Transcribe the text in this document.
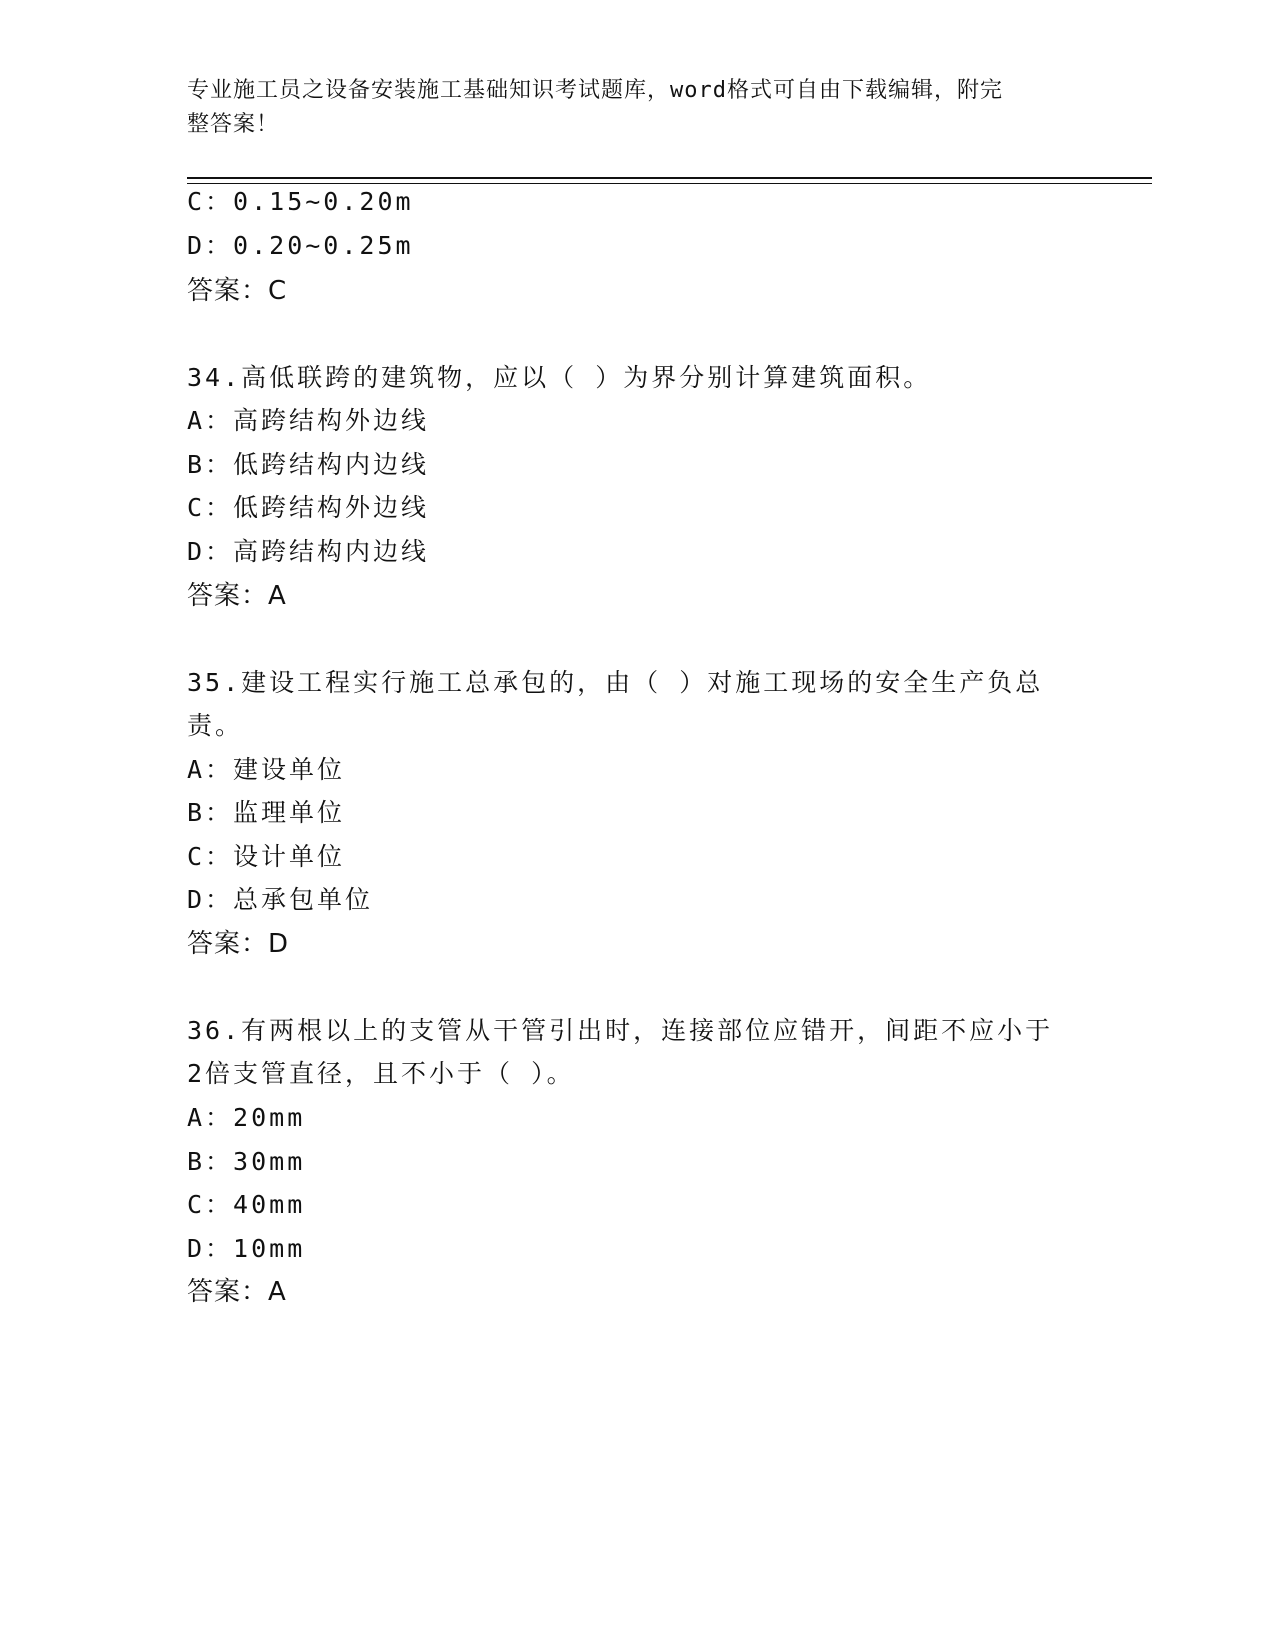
专业施工员之设备安装施工基础知识考试题库，word格式可自由下载编辑，附完
整答案！
C：0.15~0.20m
D：0.20~0.25m
答案：C
34.高低联跨的建筑物，应以（ ）为界分别计算建筑面积。
A：高跨结构外边线
B：低跨结构内边线
C：低跨结构外边线
D：高跨结构内边线
答案：A
35.建设工程实行施工总承包的，由（ ）对施工现场的安全生产负总
责。
A：建设单位
B：监理单位
C：设计单位
D：总承包单位
答案：D
36.有两根以上的支管从干管引出时，连接部位应错开，间距不应小于
2倍支管直径，且不小于（ ）。
A：20mm
B：30mm
C：40mm
D：10mm
答案：A
